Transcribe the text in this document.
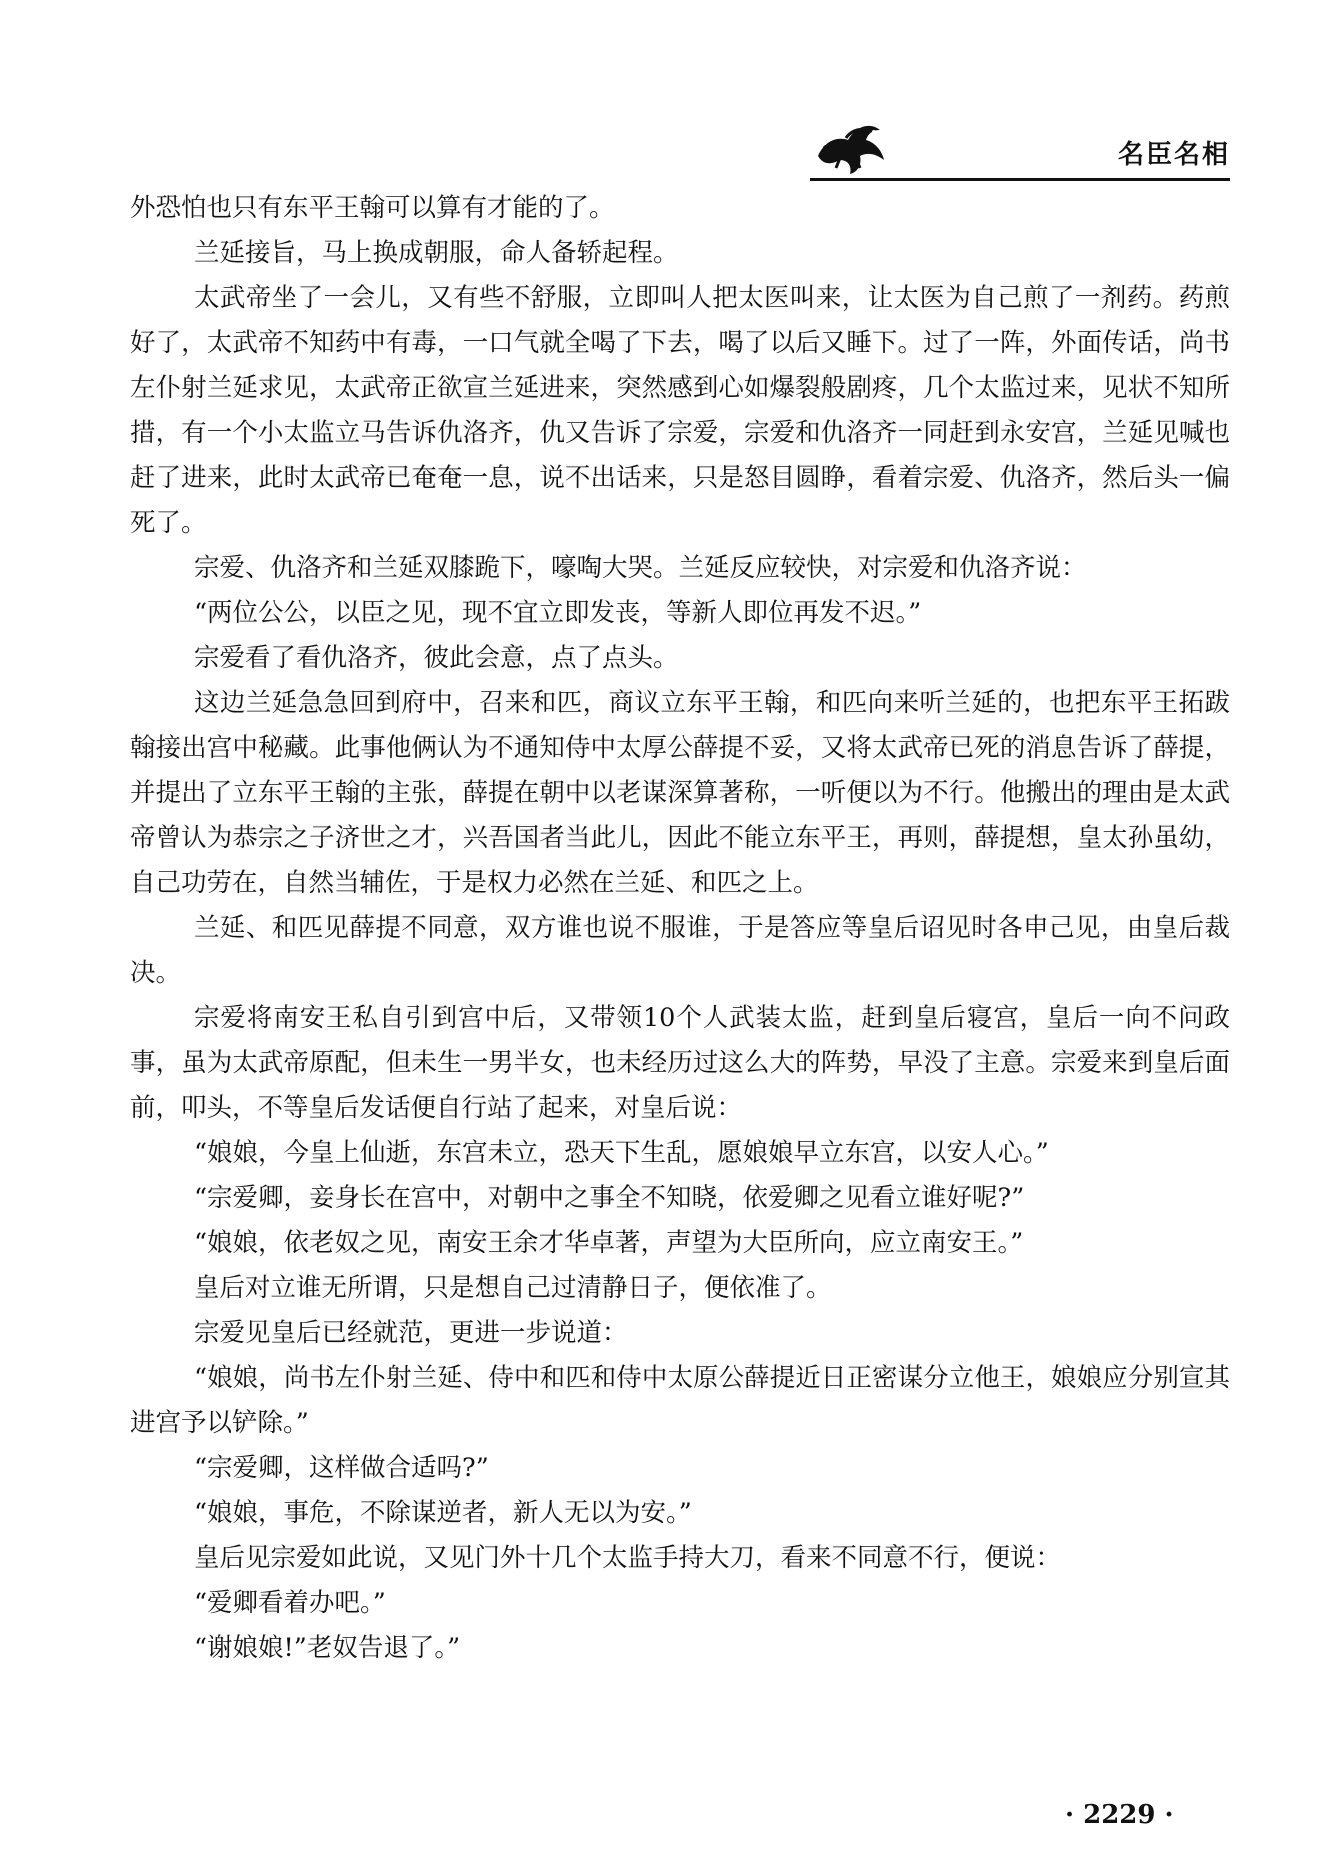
名臣名相

外恐怕也只有东平王翰可以算有才能的了。

兰延接旨，马上换成朝服，命人备轿起程。

太武帝坐了一会儿，又有些不舒服，立即叫人把太医叫来，让太医为自己煎了一剂药。药煎好了，太武帝不知药中有毒，一口气就全喝了下去，喝了以后又睡下。过了一阵，外面传话，尚书左仆射兰延求见，太武帝正欲宣兰延进来，突然感到心如爆裂般剧疼，几个太监过来，见状不知所措，有一个小太监立马告诉仇洛齐，仇又告诉了宗爱，宗爱和仇洛齐一同赶到永安宫，兰延见喊也赶了进来，此时太武帝已奄奄一息，说不出话来，只是怒目圆睁，看着宗爱、仇洛齐，然后头一偏死了。

宗爱、仇洛齐和兰延双膝跪下，嚎啕大哭。兰延反应较快，对宗爱和仇洛齐说：

“两位公公，以臣之见，现不宜立即发丧，等新人即位再发不迟。”

宗爱看了看仇洛齐，彼此会意，点了点头。

这边兰延急急回到府中，召来和匹，商议立东平王翰，和匹向来听兰延的，也把东平王拓跋翰接出宫中秘藏。此事他俩认为不通知侍中太厚公薛提不妥，又将太武帝已死的消息告诉了薛提，并提出了立东平王翰的主张，薛提在朝中以老谋深算著称，一听便以为不行。他搬出的理由是太武帝曾认为恭宗之子济世之才，兴吾国者当此儿，因此不能立东平王，再则，薛提想，皇太孙虽幼，自己功劳在，自然当辅佐，于是权力必然在兰延、和匹之上。

兰延、和匹见薛提不同意，双方谁也说不服谁，于是答应等皇后诏见时各申己见，由皇后裁决。

宗爱将南安王私自引到宫中后，又带领10个人武装太监，赶到皇后寝宫，皇后一向不问政事，虽为太武帝原配，但未生一男半女，也未经历过这么大的阵势，早没了主意。宗爱来到皇后面前，叩头，不等皇后发话便自行站了起来，对皇后说：

“娘娘，今皇上仙逝，东宫未立，恐天下生乱，愿娘娘早立东宫，以安人心。”

“宗爱卿，妾身长在宫中，对朝中之事全不知晓，依爱卿之见看立谁好呢?”

“娘娘，依老奴之见，南安王余才华卓著，声望为大臣所向，应立南安王。”

皇后对立谁无所谓，只是想自己过清静日子，便依准了。

宗爱见皇后已经就范，更进一步说道：

“娘娘，尚书左仆射兰延、侍中和匹和侍中太原公薛提近日正密谋分立他王，娘娘应分别宣其进宫予以铲除。”

“宗爱卿，这样做合适吗?”

“娘娘，事危，不除谋逆者，新人无以为安。”

皇后见宗爱如此说，又见门外十几个太监手持大刀，看来不同意不行，便说：

“爱卿看着办吧。”

“谢娘娘!”老奴告退了。”

· 2229 ·
